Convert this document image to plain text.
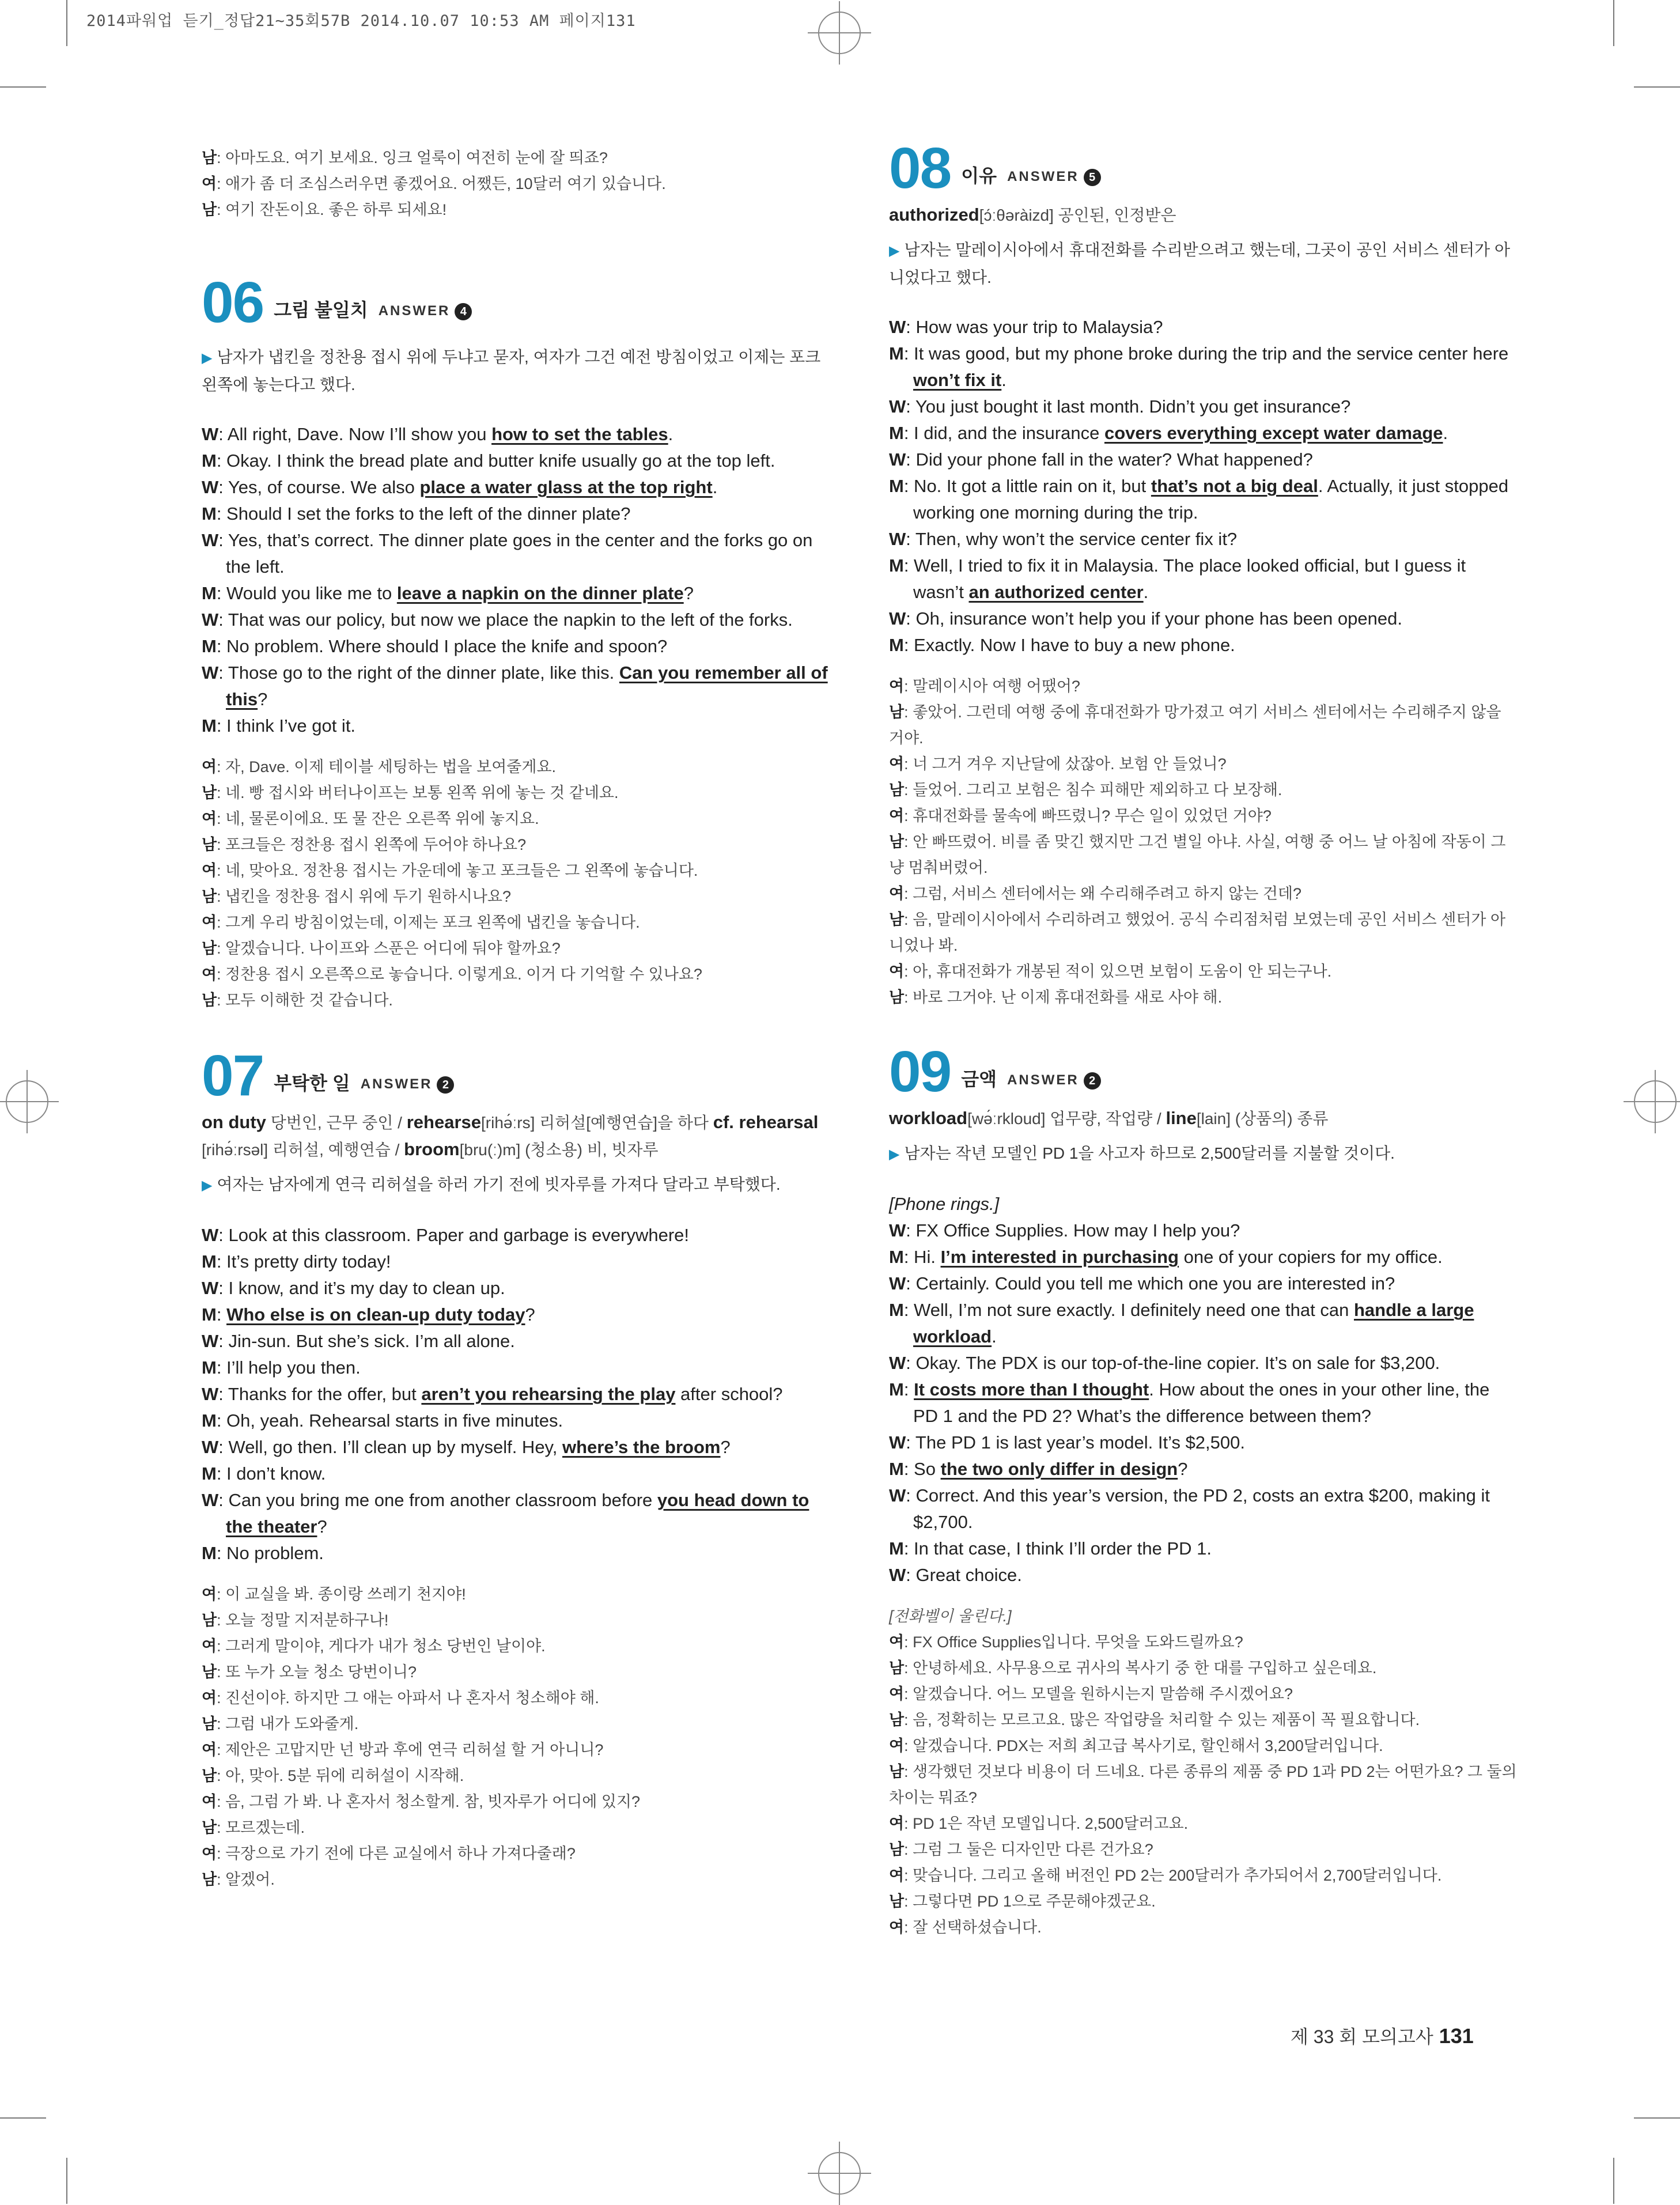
2014파워업 듣기_정답21~35회57B 2014.10.07 10:53 AM 페이지131
남: 아마도요. 여기 보세요. 잉크 얼룩이 여전히 눈에 잘 띄죠?
여: 애가 좀 더 조심스러우면 좋겠어요. 어쨌든, 10달러 여기 있습니다.
남: 여기 잔돈이요. 좋은 하루 되세요!
06 그림 불일치 ANSWER 4
▶ 남자가 냅킨을 정찬용 접시 위에 두냐고 묻자, 여자가 그건 예전 방침이었고 이제는 포크 왼쪽에 놓는다고 했다.
W: All right, Dave. Now I’ll show you how to set the tables.
M: Okay. I think the bread plate and butter knife usually go at the top left.
W: Yes, of course. We also place a water glass at the top right.
M: Should I set the forks to the left of the dinner plate?
W: Yes, that’s correct. The dinner plate goes in the center and the forks go on the left.
M: Would you like me to leave a napkin on the dinner plate?
W: That was our policy, but now we place the napkin to the left of the forks.
M: No problem. Where should I place the knife and spoon?
W: Those go to the right of the dinner plate, like this. Can you remember all of this?
M: I think I’ve got it.
여: 자, Dave. 이제 테이블 세팅하는 법을 보여줄게요.
남: 네. 빵 접시와 버터나이프는 보통 왼쪽 위에 놓는 것 같네요.
여: 네, 물론이에요. 또 물 잔은 오른쪽 위에 놓지요.
남: 포크들은 정찬용 접시 왼쪽에 두어야 하나요?
여: 네, 맞아요. 정찬용 접시는 가운데에 놓고 포크들은 그 왼쪽에 놓습니다.
남: 냅킨을 정찬용 접시 위에 두기 원하시나요?
여: 그게 우리 방침이었는데, 이제는 포크 왼쪽에 냅킨을 놓습니다.
남: 알겠습니다. 나이프와 스푼은 어디에 둬야 할까요?
여: 정찬용 접시 오른쪽으로 놓습니다. 이렇게요. 이거 다 기억할 수 있나요?
남: 모두 이해한 것 같습니다.
07 부탁한 일 ANSWER 2
on duty 당번인, 근무 중인 / rehearse[rihə́ːrs] 리허설[예행연습]을 하다 cf. rehearsal
[rihə́ːrsəl] 리허설, 예행연습 / broom[bru(ː)m] (청소용) 비, 빗자루
▶ 여자는 남자에게 연극 리허설을 하러 가기 전에 빗자루를 가져다 달라고 부탁했다.
W: Look at this classroom. Paper and garbage is everywhere!
M: It’s pretty dirty today!
W: I know, and it’s my day to clean up.
M: Who else is on clean-up duty today?
W: Jin-sun. But she’s sick. I’m all alone.
M: I’ll help you then.
W: Thanks for the offer, but aren’t you rehearsing the play after school?
M: Oh, yeah. Rehearsal starts in five minutes.
W: Well, go then. I’ll clean up by myself. Hey, where’s the broom?
M: I don’t know.
W: Can you bring me one from another classroom before you head down to the theater?
M: No problem.
여: 이 교실을 봐. 종이랑 쓰레기 천지야!
남: 오늘 정말 지저분하구나!
여: 그러게 말이야, 게다가 내가 청소 당번인 날이야.
남: 또 누가 오늘 청소 당번이니?
여: 진선이야. 하지만 그 애는 아파서 나 혼자서 청소해야 해.
남: 그럼 내가 도와줄게.
여: 제안은 고맙지만 넌 방과 후에 연극 리허설 할 거 아니니?
남: 아, 맞아. 5분 뒤에 리허설이 시작해.
여: 음, 그럼 가 봐. 나 혼자서 청소할게. 참, 빗자루가 어디에 있지?
남: 모르겠는데.
여: 극장으로 가기 전에 다른 교실에서 하나 가져다줄래?
남: 알겠어.
08 이유 ANSWER 5
authorized[ɔ́ːθəràizd] 공인된, 인정받은
▶ 남자는 말레이시아에서 휴대전화를 수리받으려고 했는데, 그곳이 공인 서비스 센터가 아니었다고 했다.
W: How was your trip to Malaysia?
M: It was good, but my phone broke during the trip and the service center here won’t fix it.
W: You just bought it last month. Didn’t you get insurance?
M: I did, and the insurance covers everything except water damage.
W: Did your phone fall in the water? What happened?
M: No. It got a little rain on it, but that’s not a big deal. Actually, it just stopped working one morning during the trip.
W: Then, why won’t the service center fix it?
M: Well, I tried to fix it in Malaysia. The place looked official, but I guess it wasn’t an authorized center.
W: Oh, insurance won’t help you if your phone has been opened.
M: Exactly. Now I have to buy a new phone.
여: 말레이시아 여행 어땠어?
남: 좋았어. 그런데 여행 중에 휴대전화가 망가졌고 여기 서비스 센터에서는 수리해주지 않을 거야.
여: 너 그거 겨우 지난달에 샀잖아. 보험 안 들었니?
남: 들었어. 그리고 보험은 침수 피해만 제외하고 다 보장해.
여: 휴대전화를 물속에 빠뜨렸니? 무슨 일이 있었던 거야?
남: 안 빠뜨렸어. 비를 좀 맞긴 했지만 그건 별일 아냐. 사실, 여행 중 어느 날 아침에 작동이 그냥 멈춰버렸어.
여: 그럼, 서비스 센터에서는 왜 수리해주려고 하지 않는 건데?
남: 음, 말레이시아에서 수리하려고 했었어. 공식 수리점처럼 보였는데 공인 서비스 센터가 아니었나 봐.
여: 아, 휴대전화가 개봉된 적이 있으면 보험이 도움이 안 되는구나.
남: 바로 그거야. 난 이제 휴대전화를 새로 사야 해.
09 금액 ANSWER 2
workload[wə́ːrkloud] 업무량, 작업량 / line[lain] (상품의) 종류
▶ 남자는 작년 모델인 PD 1을 사고자 하므로 2,500달러를 지불할 것이다.
[Phone rings.]
W: FX Office Supplies. How may I help you?
M: Hi. I’m interested in purchasing one of your copiers for my office.
W: Certainly. Could you tell me which one you are interested in?
M: Well, I’m not sure exactly. I definitely need one that can handle a large workload.
W: Okay. The PDX is our top-of-the-line copier. It’s on sale for $3,200.
M: It costs more than I thought. How about the ones in your other line, the PD 1 and the PD 2? What’s the difference between them?
W: The PD 1 is last year’s model. It’s $2,500.
M: So the two only differ in design?
W: Correct. And this year’s version, the PD 2, costs an extra $200, making it $2,700.
M: In that case, I think I’ll order the PD 1.
W: Great choice.
[전화벨이 울린다.]
여: FX Office Supplies입니다. 무엇을 도와드릴까요?
남: 안녕하세요. 사무용으로 귀사의 복사기 중 한 대를 구입하고 싶은데요.
여: 알겠습니다. 어느 모델을 원하시는지 말씀해 주시겠어요?
남: 음, 정확히는 모르고요. 많은 작업량을 처리할 수 있는 제품이 꼭 필요합니다.
여: 알겠습니다. PDX는 저희 최고급 복사기로, 할인해서 3,200달러입니다.
남: 생각했던 것보다 비용이 더 드네요. 다른 종류의 제품 중 PD 1과 PD 2는 어떤가요? 그 둘의 차이는 뭐죠?
여: PD 1은 작년 모델입니다. 2,500달러고요.
남: 그럼 그 둘은 디자인만 다른 건가요?
여: 맞습니다. 그리고 올해 버전인 PD 2는 200달러가 추가되어서 2,700달러입니다.
남: 그렇다면 PD 1으로 주문해야겠군요.
여: 잘 선택하셨습니다.
제 33 회 모의고사 131
